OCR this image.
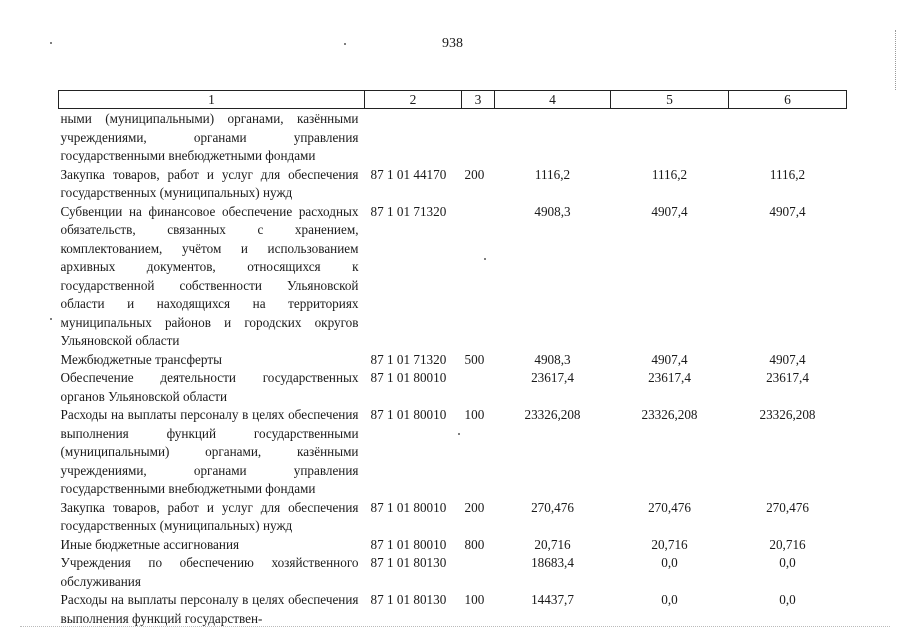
938
1	2	3	4	5	6
ными (муниципальными) органами, казёнными учреждениями, органами управления государственными внебюджетными фондами					
Закупка товаров, работ и услуг для обеспечения государственных (муниципальных) нужд	87 1 01 44170	200	1116,2	1116,2	1116,2
Субвенции на финансовое обеспечение расходных обязательств, связанных с хранением, комплектованием, учётом и использованием архивных документов, относящихся к государственной собственности Ульяновской области и находящихся на территориях муниципальных районов и городских округов Ульяновской области	87 1 01 71320		4908,3	4907,4	4907,4
Межбюджетные трансферты	87 1 01 71320	500	4908,3	4907,4	4907,4
Обеспечение деятельности государственных органов Ульяновской области	87 1 01 80010		23617,4	23617,4	23617,4
Расходы на выплаты персоналу в целях обеспечения выполнения функций государственными (муниципальными) органами, казёнными учреждениями, органами управления государственными внебюджетными фондами	87 1 01 80010	100	23326,208	23326,208	23326,208
Закупка товаров, работ и услуг для обеспечения государственных (муниципальных) нужд	87 1 01 80010	200	270,476	270,476	270,476
Иные бюджетные ассигнования	87 1 01 80010	800	20,716	20,716	20,716
Учреждения по обеспечению хозяйственного обслуживания	87 1 01 80130		18683,4	0,0	0,0
Расходы на выплаты персоналу в целях обеспечения выполнения функций государствен-	87 1 01 80130	100	14437,7	0,0	0,0
